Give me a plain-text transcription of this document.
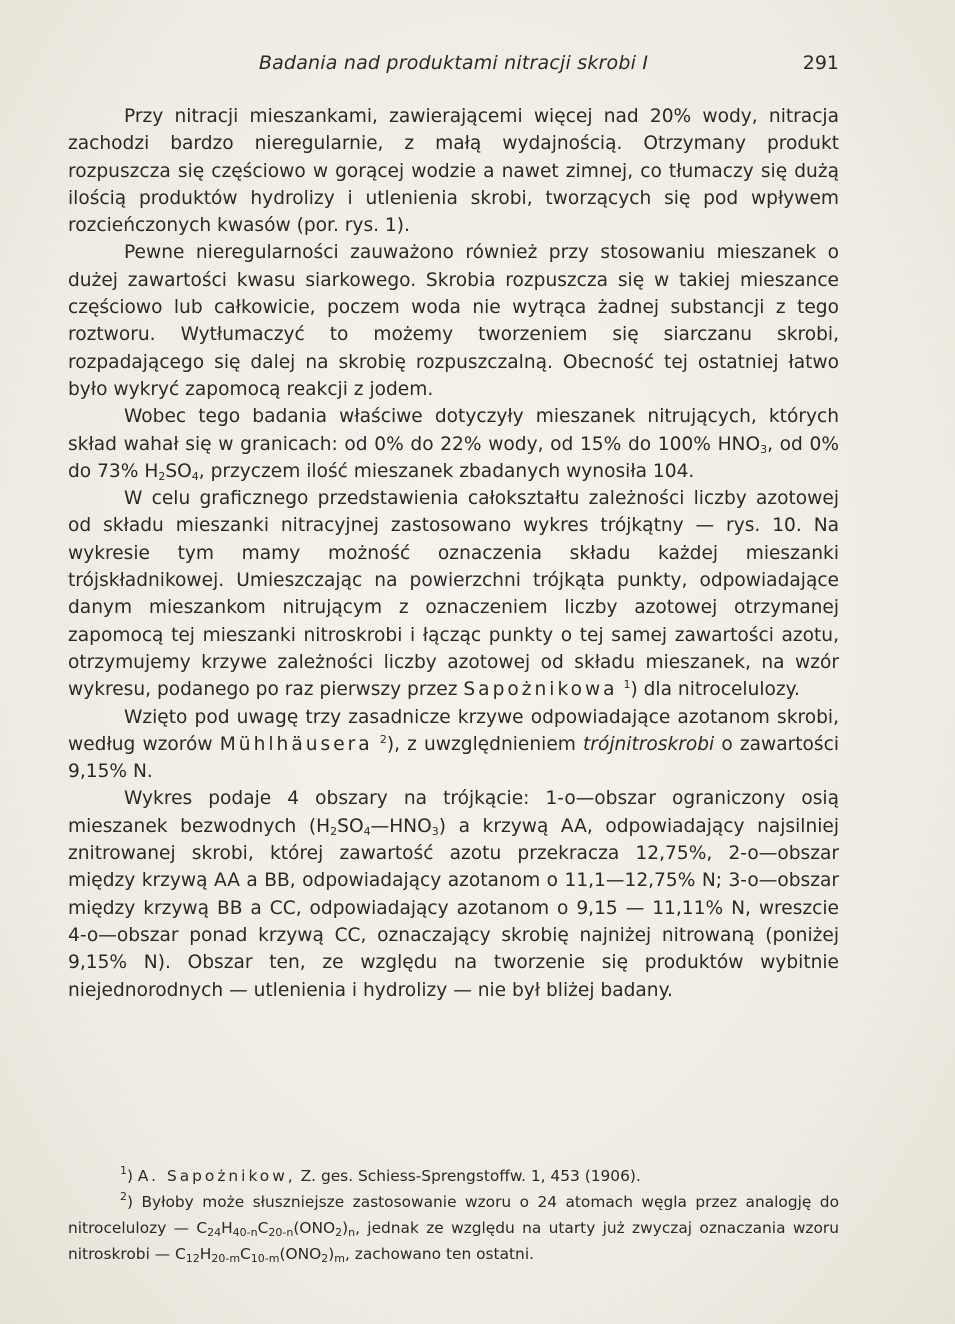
Badania nad produktami nitracji skrobi I	291

Przy nitracji mieszankami, zawierającemi więcej nad 20% wody, nitracja zachodzi bardzo nieregularnie, z małą wydajnością. Otrzymany produkt rozpuszcza się częściowo w gorącej wodzie a nawet zimnej, co tłumaczy się dużą ilością produktów hydrolizy i utlenienia skrobi, tworzących się pod wpływem rozcieńczonych kwasów (por. rys. 1).

Pewne nieregularności zauważono również przy stosowaniu mieszanek o dużej zawartości kwasu siarkowego. Skrobia rozpuszcza się w takiej mieszance częściowo lub całkowicie, poczem woda nie wytrąca żadnej substancji z tego roztworu. Wytłumaczyć to możemy tworzeniem się siarczanu skrobi, rozpadającego się dalej na skrobię rozpuszczalną. Obecność tej ostatniej łatwo było wykryć zapomocą reakcji z jodem.

Wobec tego badania właściwe dotyczyły mieszanek nitrujących, których skład wahał się w granicach: od 0% do 22% wody, od 15% do 100% $HNO_3$, od 0% do 73% $H_2SO_4$, przyczem ilość mieszanek zbadanych wynosiła 104.

W celu graficznego przedstawienia całokształtu zależności liczby azotowej od składu mieszanki nitracyjnej zastosowano wykres trójkątny — rys. 10. Na wykresie tym mamy możność oznaczenia składu każdej mieszanki trójskładnikowej. Umieszczając na powierzchni trójkąta punkty, odpowiadające danym mieszankom nitrującym z oznaczeniem liczby azotowej otrzymanej zapomocą tej mieszanki nitroskrobi i łącząc punkty o tej samej zawartości azotu, otrzymujemy krzywe zależności liczby azotowej od składu mieszanek, na wzór wykresu, podanego po raz pierwszy przez Sapożnikowa $^1$) dla nitrocelulozy.

Wzięto pod uwagę trzy zasadnicze krzywe odpowiadające azotanom skrobi, według wzorów Mühlhäusera $^2$), z uwzględnieniem trójnitroskrobi o zawartości 9,15% N.

Wykres podaje 4 obszary na trójkącie: 1-o—obszar ograniczony osią mieszanek bezwodnych $(H_2SO_4—HNO_3)$ a krzywą AA, odpowiadający najsilniej znitrowanej skrobi, której zawartość azotu przekracza 12,75%, 2-o—obszar między krzywą AA a BB, odpowiadający azotanom o 11,1—12,75% N; 3-o—obszar między krzywą BB a CC, odpowiadający azotanom o 9,15 — 11,11% N, wreszcie 4-o—obszar ponad krzywą CC, oznaczający skrobię najniżej nitrowaną (poniżej 9,15% N). Obszar ten, ze względu na tworzenie się produktów wybitnie niejednorodnych — utlenienia i hydrolizy — nie był bliżej badany.

$^1$) A. Sapożnikow, Z. ges. Schiess-Sprengstoffw. 1, 453 (1906).

$^2$) Byłoby może słuszniejsze zastosowanie wzoru o 24 atomach węgla przez analogję do nitrocelulozy — $C_{24}H_{40-n}C_{20-n}(ONO_2)_n$, jednak ze względu na utarty już zwyczaj oznaczania wzoru nitroskrobi — $C_{12}H_{20-m}C_{10-m}(ONO_2)_m$, zachowano ten ostatni.
